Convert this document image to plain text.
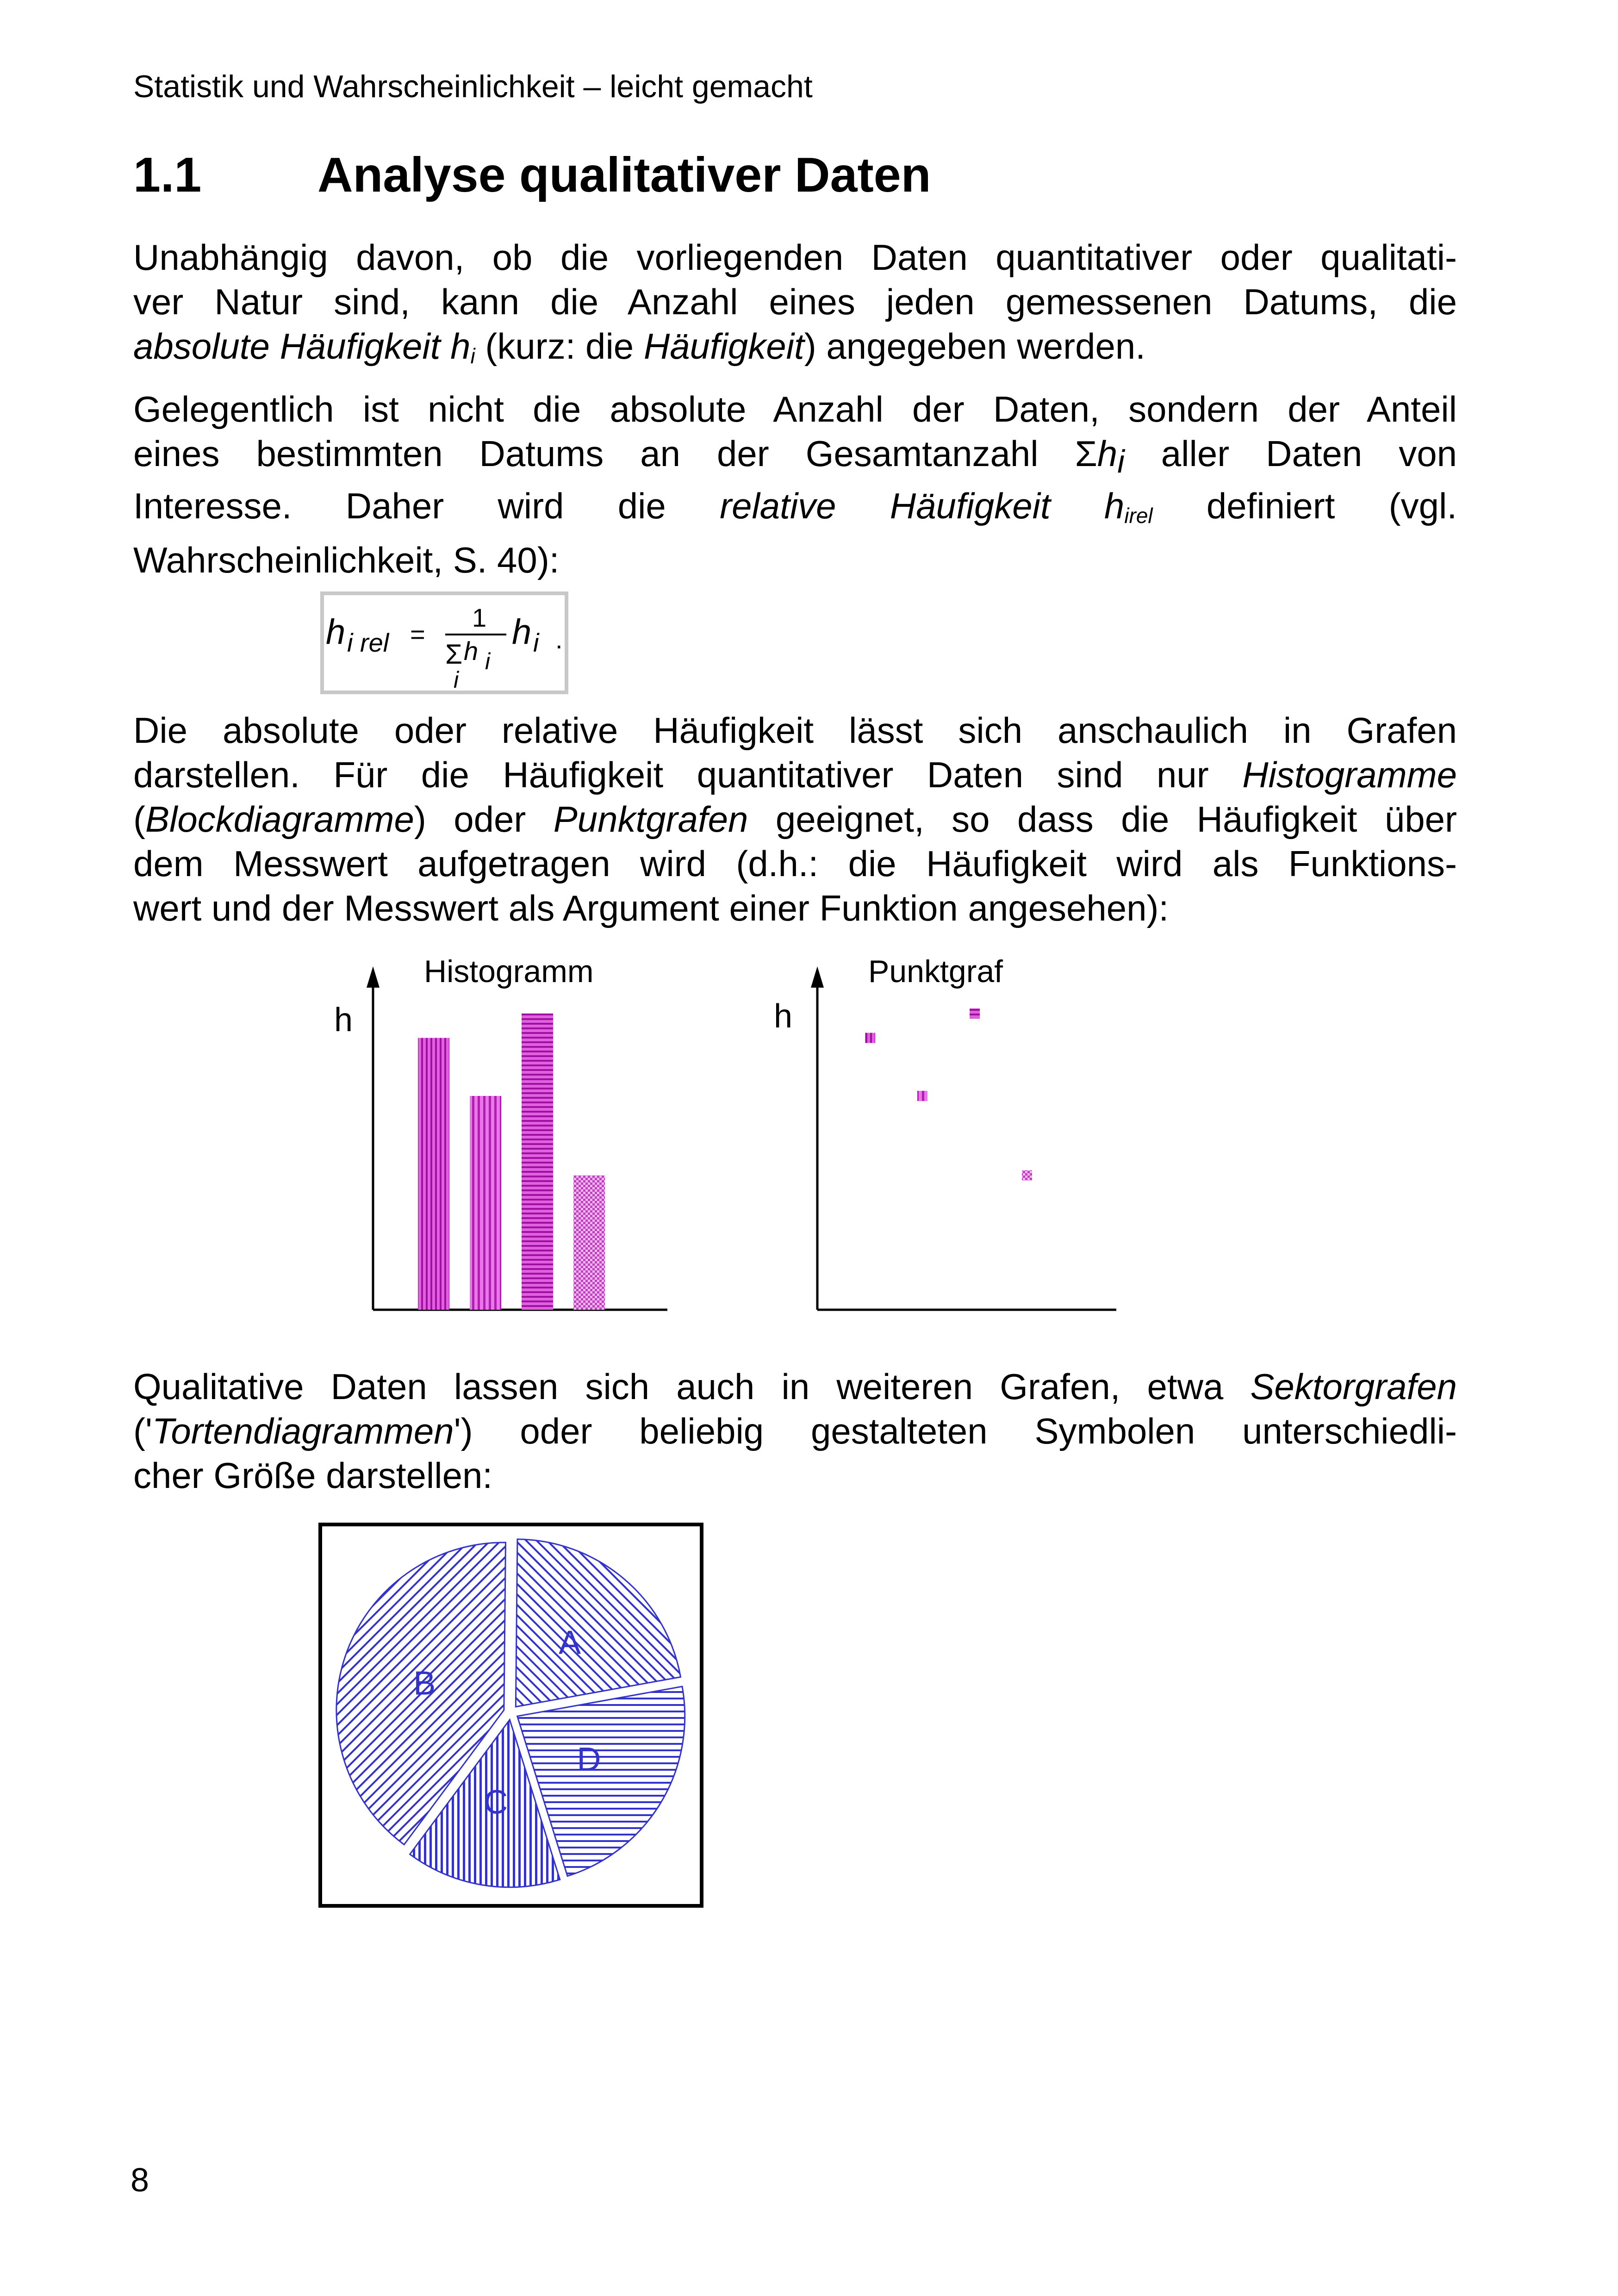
Statistik und Wahrscheinlichkeit – leicht gemacht
1.1 Analyse qualitativer Daten
Unabhängig davon, ob die vorliegenden Daten quantitativer oder qualitati-
ver Natur sind, kann die Anzahl eines jeden gemessenen Datums, die
absolute Häufigkeit $h_i$ (kurz: die Häufigkeit) angegeben werden.
Gelegentlich ist nicht die absolute Anzahl der Daten, sondern der Anteil
eines bestimmten Datums an der Gesamtanzahl Σhi aller Daten von
Interesse. Daher wird die relative Häufigkeit $h_{irel}$ definiert (vgl.
Wahrscheinlichkeit, S. 40):
h i rel =
1
Σ h i
i
h i .
Die absolute oder relative Häufigkeit lässt sich anschaulich in Grafen
darstellen. Für die Häufigkeit quantitativer Daten sind nur Histogramme
(Blockdiagramme) oder Punktgrafen geeignet, so dass die Häufigkeit über
dem Messwert aufgetragen wird (d.h.: die Häufigkeit wird als Funktions-
wert und der Messwert als Argument einer Funktion angesehen):
h
Histogramm
h
Punktgraf
Qualitative Daten lassen sich auch in weiteren Grafen, etwa Sektorgrafen
('Tortendiagrammen') oder beliebig gestalteten Symbolen unterschiedli-
cher Größe darstellen:
A
D
C
B
8
